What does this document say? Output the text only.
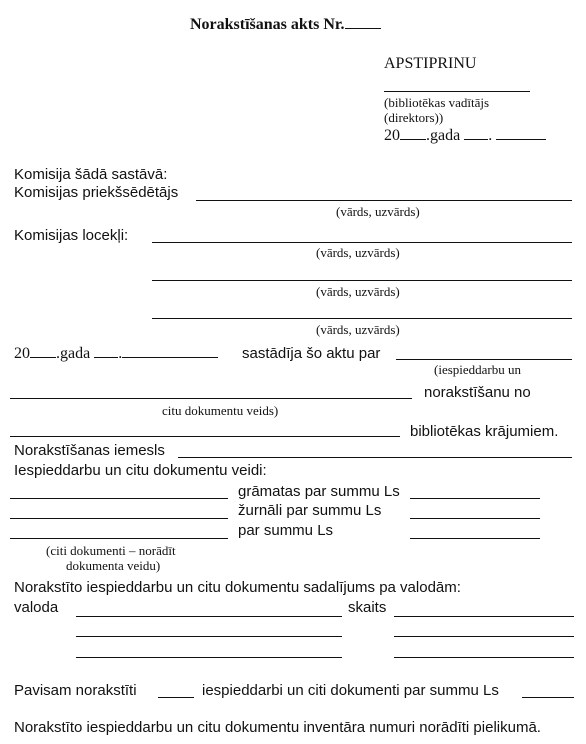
Norakstīšanas akts Nr.
APSTIPRINU
(bibliotēkas vadītājs
(direktors))
20 .gada .
Komisija šādā sastāvā:
Komisijas priekšsēdētājs
(vārds, uzvārds)
Komisijas locekļi:
(vārds, uzvārds)
(vārds, uzvārds)
(vārds, uzvārds)
20 .gada .	sastādīja šo aktu par
(iespieddarbu un
norakstīšanu no
citu dokumentu veids)
bibliotēkas krājumiem.
Norakstīšanas iemesls
Iespieddarbu un citu dokumentu veidi:
grāmatas par summu Ls
žurnāli par summu Ls
par summu Ls
(citi dokumenti – norādīt
dokumenta veidu)
Norakstīto iespieddarbu un citu dokumentu sadalījums pa valodām:
valoda	skaits
Pavisam norakstīti	iespieddarbi un citi dokumenti par summu Ls
Norakstīto iespieddarbu un citu dokumentu inventāra numuri norādīti pielikumā.
